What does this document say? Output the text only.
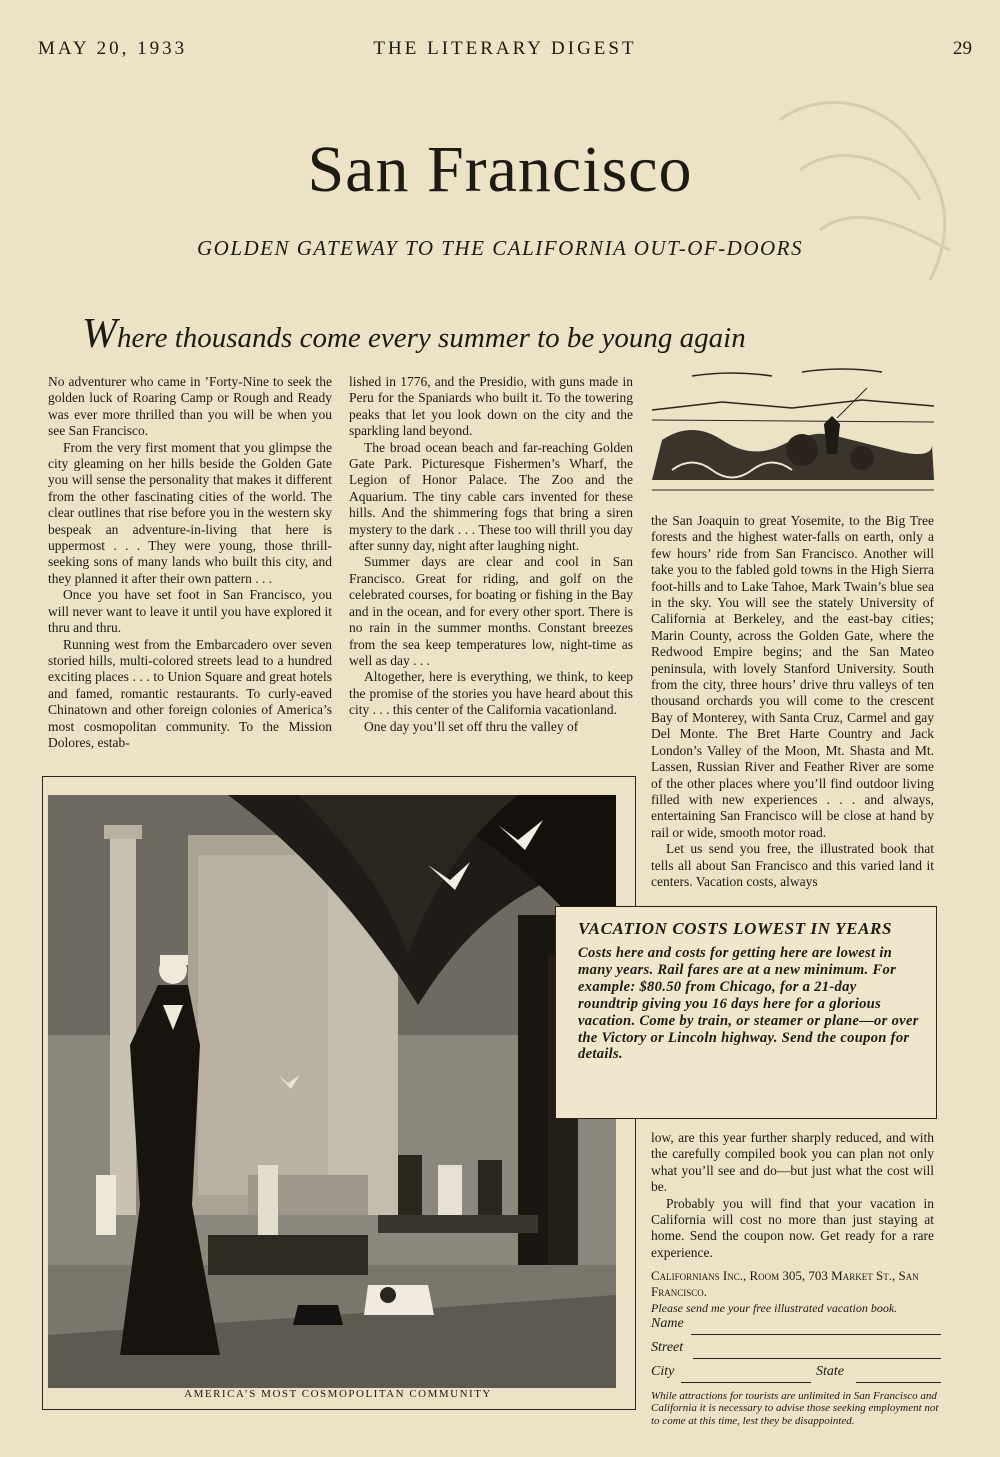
MAY 20, 1933	THE LITERARY DIGEST	29
San Francisco
GOLDEN GATEWAY TO THE CALIFORNIA OUT-OF-DOORS
Where thousands come every summer to be young again

No adventurer who came in ’Forty-Nine to seek the golden luck of Roaring Camp or Rough and Ready was ever more thrilled than you will be when you see San Francisco.

From the very first moment that you glimpse the city gleaming on her hills beside the Golden Gate you will sense the personality that makes it different from the other fascinating cities of the world. The clear outlines that rise before you in the western sky bespeak an adventure-in-living that here is uppermost . . . They were young, those thrill-seeking sons of many lands who built this city, and they planned it after their own pattern . . .

Once you have set foot in San Francisco, you will never want to leave it until you have explored it thru and thru.

Running west from the Embarcadero over seven storied hills, multi-colored streets lead to a hundred exciting places . . . to Union Square and great hotels and famed, romantic restaurants. To curly-eaved Chinatown and other foreign colonies of America’s most cosmopolitan community. To the Mission Dolores, estab-

lished in 1776, and the Presidio, with guns made in Peru for the Spaniards who built it. To the towering peaks that let you look down on the city and the sparkling land beyond.

The broad ocean beach and far-reaching Golden Gate Park. Picturesque Fishermen’s Wharf, the Legion of Honor Palace. The Zoo and the Aquarium. The tiny cable cars invented for these hills. And the shimmering fogs that bring a siren mystery to the dark . . . These too will thrill you day after sunny day, night after laughing night.

Summer days are clear and cool in San Francisco. Great for riding, and golf on the celebrated courses, for boating or fishing in the Bay and in the ocean, and for every other sport. There is no rain in the summer months. Constant breezes from the sea keep temperatures low, night-time as well as day . . .

Altogether, here is everything, we think, to keep the promise of the stories you have heard about this city . . . this center of the California vacationland.

One day you’ll set off thru the valley of

the San Joaquin to great Yosemite, to the Big Tree forests and the highest water-falls on earth, only a few hours’ ride from San Francisco. Another will take you to the fabled gold towns in the High Sierra foot-hills and to Lake Tahoe, Mark Twain’s blue sea in the sky. You will see the stately University of California at Berkeley, and the east-bay cities; Marin County, across the Golden Gate, where the Redwood Empire begins; and the San Mateo peninsula, with lovely Stanford University. South from the city, three hours’ drive thru valleys of ten thousand orchards you will come to the crescent Bay of Monterey, with Santa Cruz, Carmel and gay Del Monte. The Bret Harte Country and Jack London’s Valley of the Moon, Mt. Shasta and Mt. Lassen, Russian River and Feather River are some of the other places where you’ll find outdoor living filled with new experiences . . . and always, entertaining San Francisco will be close at hand by rail or wide, smooth motor road.

Let us send you free, the illustrated book that tells all about San Francisco and this varied land it centers. Vacation costs, always

AMERICA’S MOST COSMOPOLITAN COMMUNITY
VACATION COSTS LOWEST IN YEARS
Costs here and costs for getting here are lowest in many years. Rail fares are at a new minimum. For example: $80.50 from Chicago, for a 21-day roundtrip giving you 16 days here for a glorious vacation. Come by train, or steamer or plane—or over the Victory or Lincoln highway. Send the coupon for details.

low, are this year further sharply reduced, and with the carefully compiled book you can plan not only what you’ll see and do—but just what the cost will be.

Probably you will find that your vacation in California will cost no more than just staying at home. Send the coupon now. Get ready for a rare experience.

Californians Inc., Room 305, 703 Market St., San Francisco.
Please send me your free illustrated vacation book.
Name
Street
City	State
While attractions for tourists are unlimited in San Francisco and California it is necessary to advise those seeking employment not to come at this time, lest they be disappointed.
